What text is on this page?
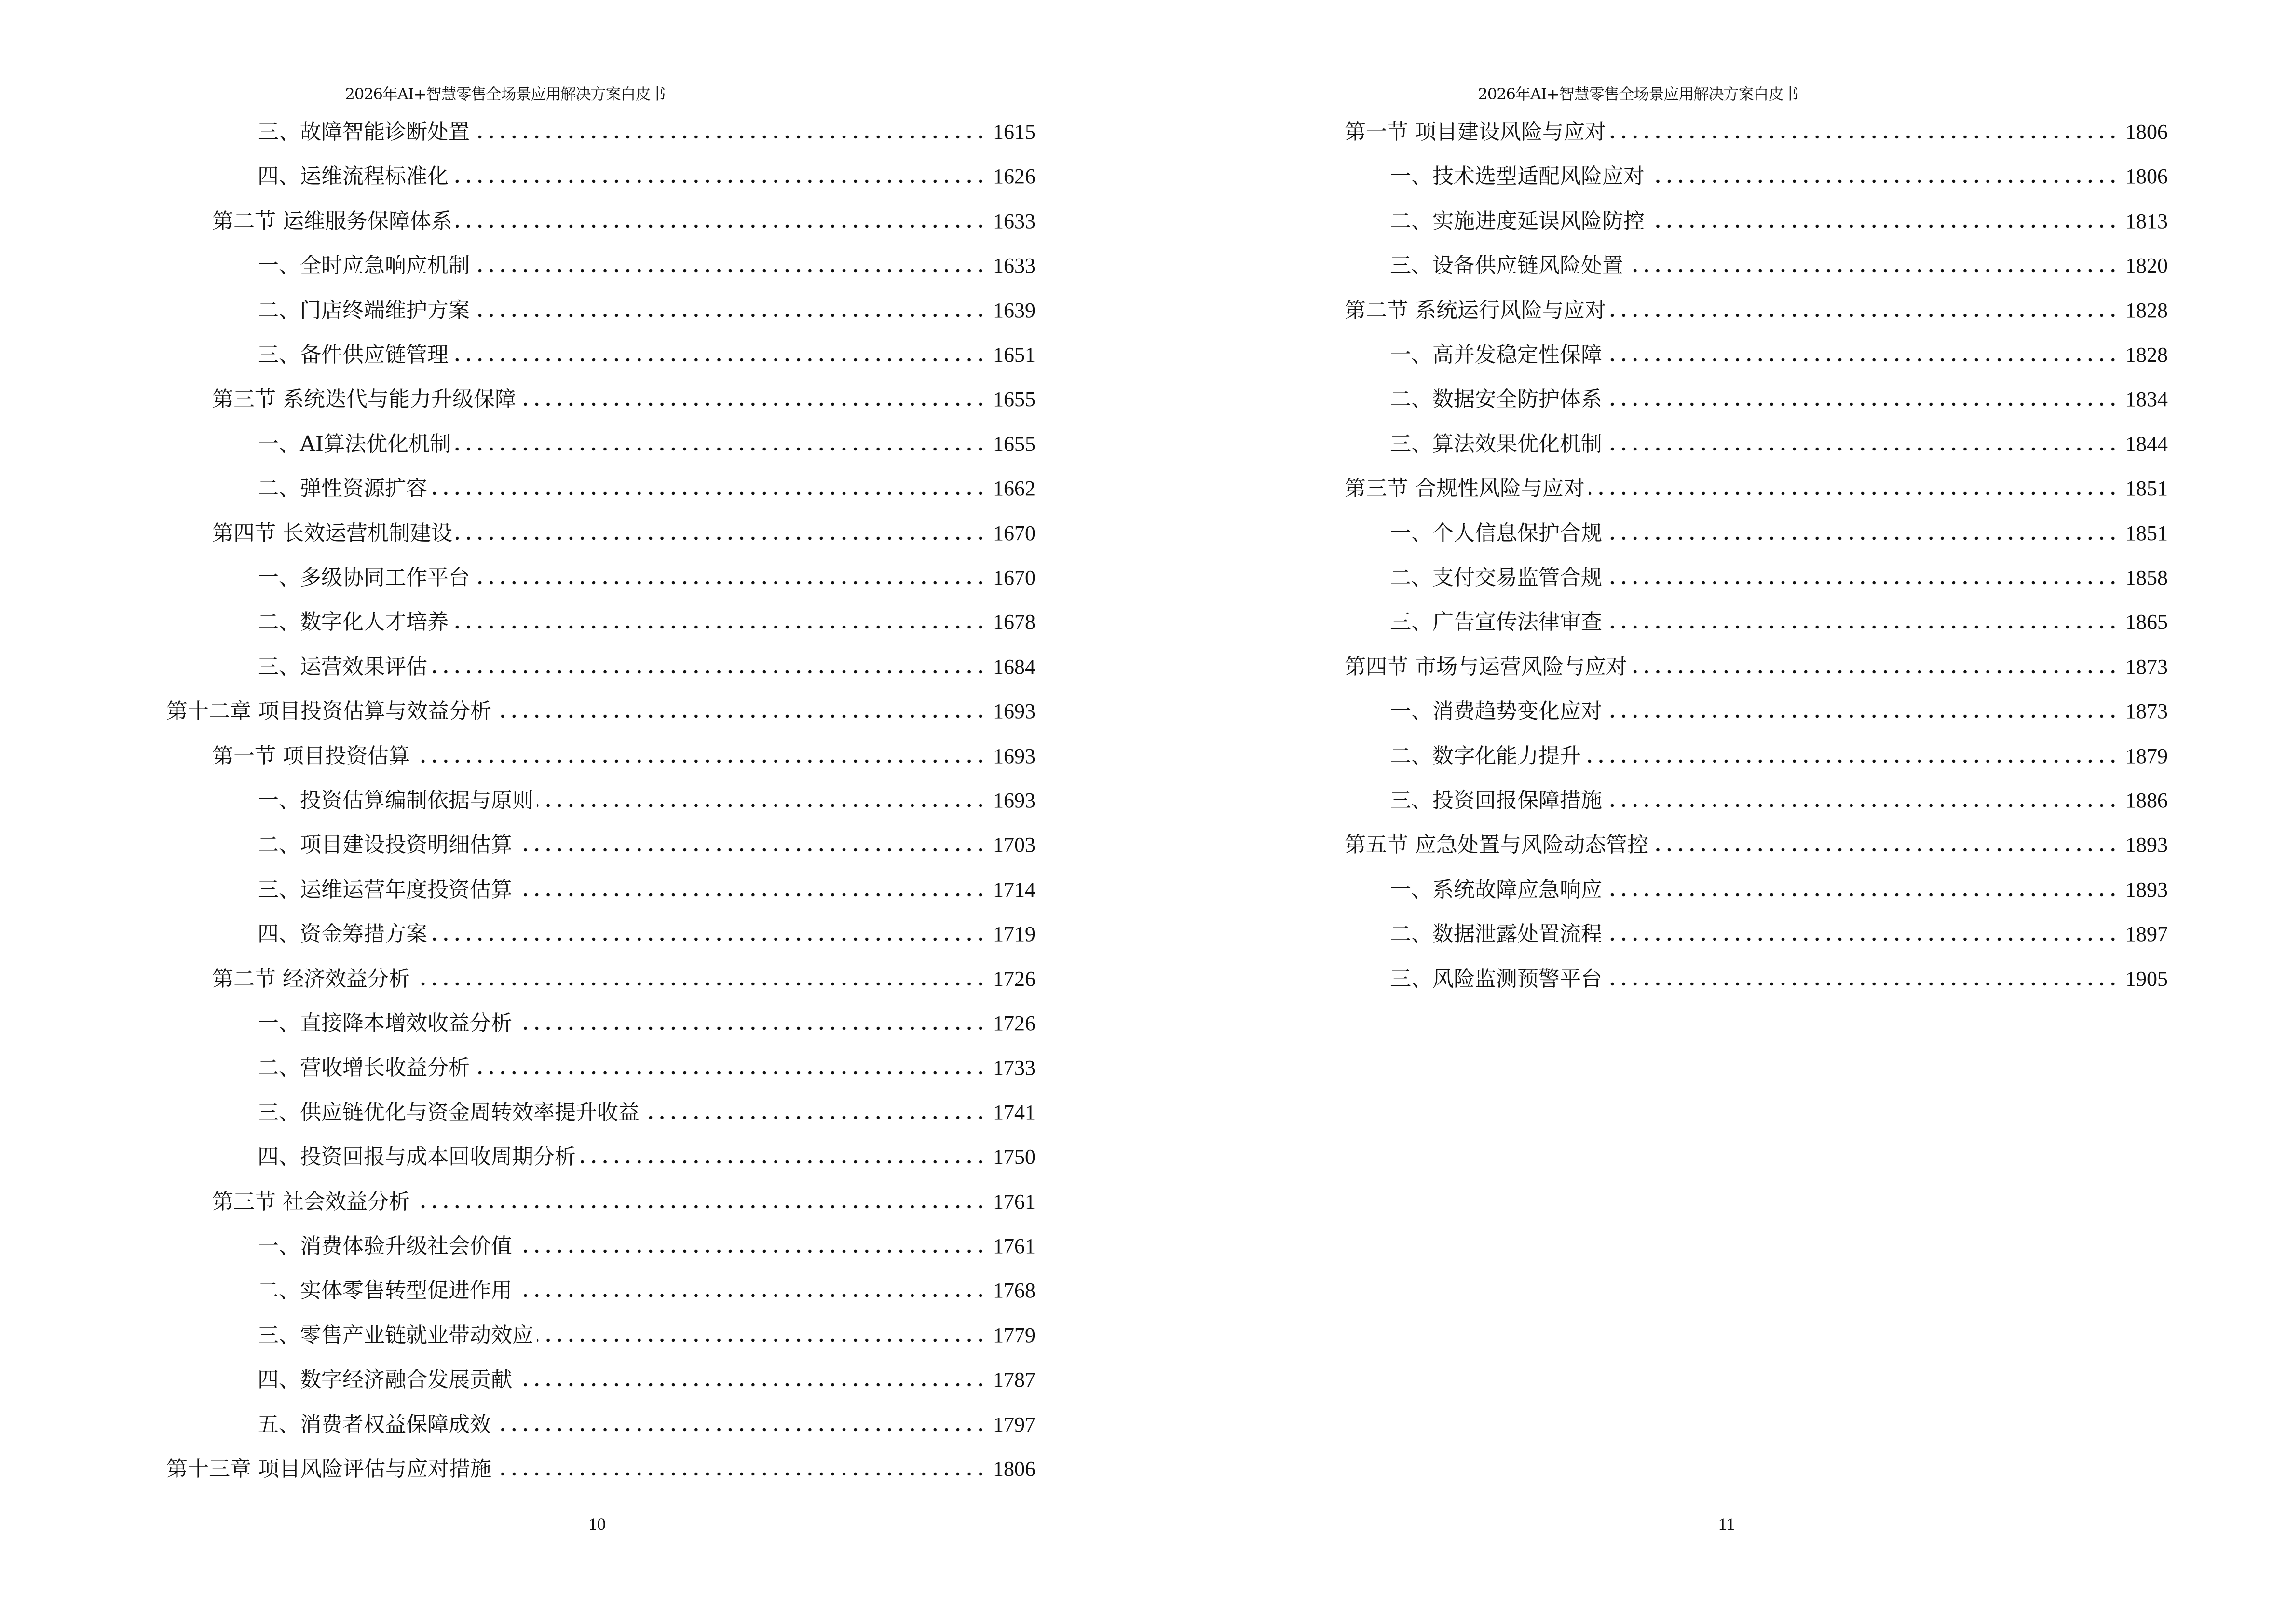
2026年AI+智慧零售全场景应用解决方案白皮书
三、故障智能诊断处置	1615
四、运维流程标准化	1626
第二节 运维服务保障体系	1633
一、全时应急响应机制	1633
二、门店终端维护方案	1639
三、备件供应链管理	1651
第三节 系统迭代与能力升级保障	1655
一、AI算法优化机制	1655
二、弹性资源扩容	1662
第四节 长效运营机制建设	1670
一、多级协同工作平台	1670
二、数字化人才培养	1678
三、运营效果评估	1684
第十二章 项目投资估算与效益分析	1693
第一节 项目投资估算	1693
一、投资估算编制依据与原则	1693
二、项目建设投资明细估算	1703
三、运维运营年度投资估算	1714
四、资金筹措方案	1719
第二节 经济效益分析	1726
一、直接降本增效收益分析	1726
二、营收增长收益分析	1733
三、供应链优化与资金周转效率提升收益	1741
四、投资回报与成本回收周期分析	1750
第三节 社会效益分析	1761
一、消费体验升级社会价值	1761
二、实体零售转型促进作用	1768
三、零售产业链就业带动效应	1779
四、数字经济融合发展贡献	1787
五、消费者权益保障成效	1797
第十三章 项目风险评估与应对措施	1806
10
2026年AI+智慧零售全场景应用解决方案白皮书
第一节 项目建设风险与应对	1806
一、技术选型适配风险应对	1806
二、实施进度延误风险防控	1813
三、设备供应链风险处置	1820
第二节 系统运行风险与应对	1828
一、高并发稳定性保障	1828
二、数据安全防护体系	1834
三、算法效果优化机制	1844
第三节 合规性风险与应对	1851
一、个人信息保护合规	1851
二、支付交易监管合规	1858
三、广告宣传法律审查	1865
第四节 市场与运营风险与应对	1873
一、消费趋势变化应对	1873
二、数字化能力提升	1879
三、投资回报保障措施	1886
第五节 应急处置与风险动态管控	1893
一、系统故障应急响应	1893
二、数据泄露处置流程	1897
三、风险监测预警平台	1905
11
